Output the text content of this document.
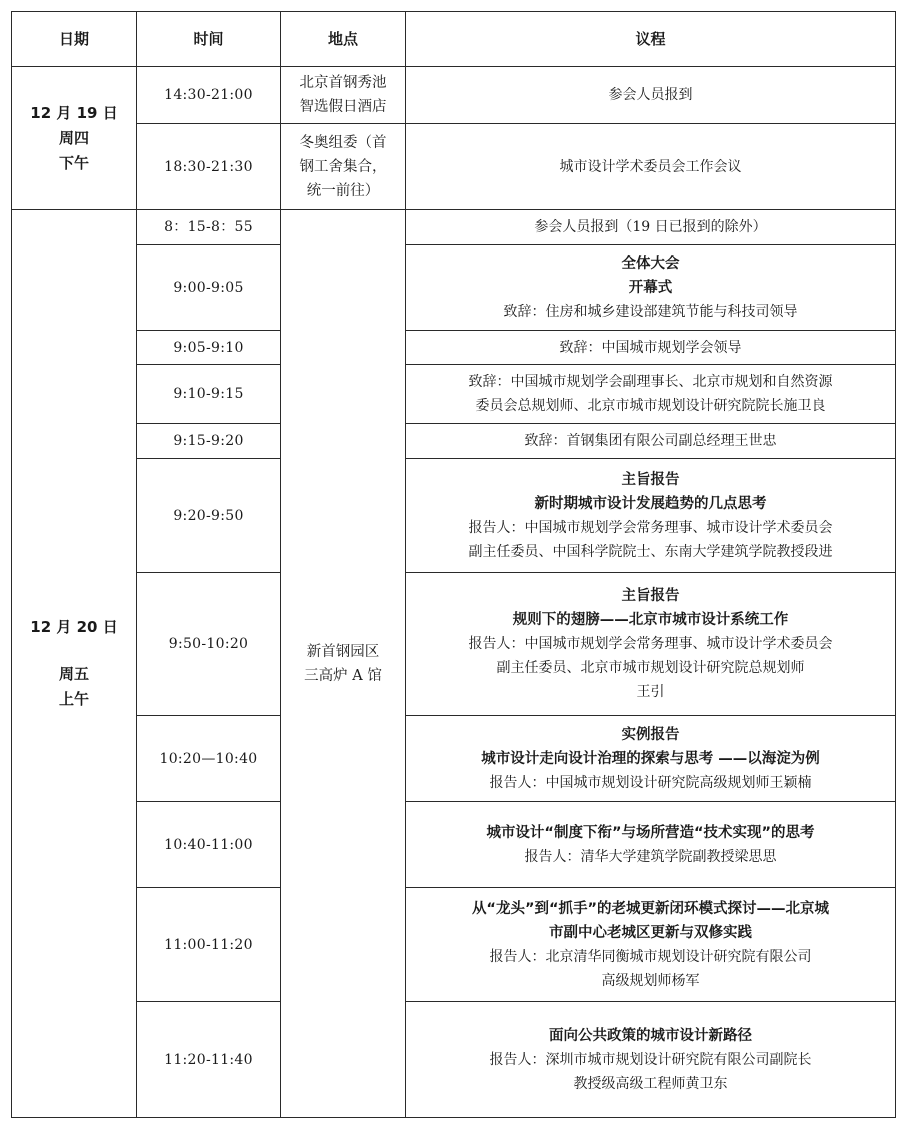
日期	时间	地点	议程

12 月 19 日
周四
下午	14:30-21:00	北京首钢秀池
智选假日酒店	参会人员报到
	18:30-21:30	冬奥组委（首
钢工舍集合，
统一前往）	城市设计学术委员会工作会议

12 月 20 日
周五
上午	8：15-8：55	新首钢园区
三高炉 A 馆	参会人员报到（19 日已报到的除外）
	9:00-9:05		全体大会
开幕式
致辞：住房和城乡建设部建筑节能与科技司领导

	9:05-9:10		致辞：中国城市规划学会领导
	9:10-9:15		致辞：中国城市规划学会副理事长、北京市规划和自然资源
委员会总规划师、北京市城市规划设计研究院院长施卫良

	9:15-9:20		致辞：首钢集团有限公司副总经理王世忠
	9:20-9:50		主旨报告
新时期城市设计发展趋势的几点思考
报告人：中国城市规划学会常务理事、城市设计学术委员会
副主任委员、中国科学院院士、东南大学建筑学院教授段进

	9:50-10:20		主旨报告
规则下的翅膀——北京市城市设计系统工作
报告人：中国城市规划学会常务理事、城市设计学术委员会
副主任委员、北京市城市规划设计研究院总规划师
王引

	10:20—10:40		实例报告
城市设计走向设计治理的探索与思考 ——以海淀为例
报告人：中国城市规划设计研究院高级规划师王颖楠

	10:40-11:00		城市设计“制度下衔”与场所营造“技术实现”的思考
报告人：清华大学建筑学院副教授梁思思

	11:00-11:20		从“龙头”到“抓手”的老城更新闭环模式探讨——北京城
市副中心老城区更新与双修实践
报告人：北京清华同衡城市规划设计研究院有限公司
高级规划师杨军

	11:20-11:40		面向公共政策的城市设计新路径
报告人：深圳市城市规划设计研究院有限公司副院长
教授级高级工程师黄卫东
